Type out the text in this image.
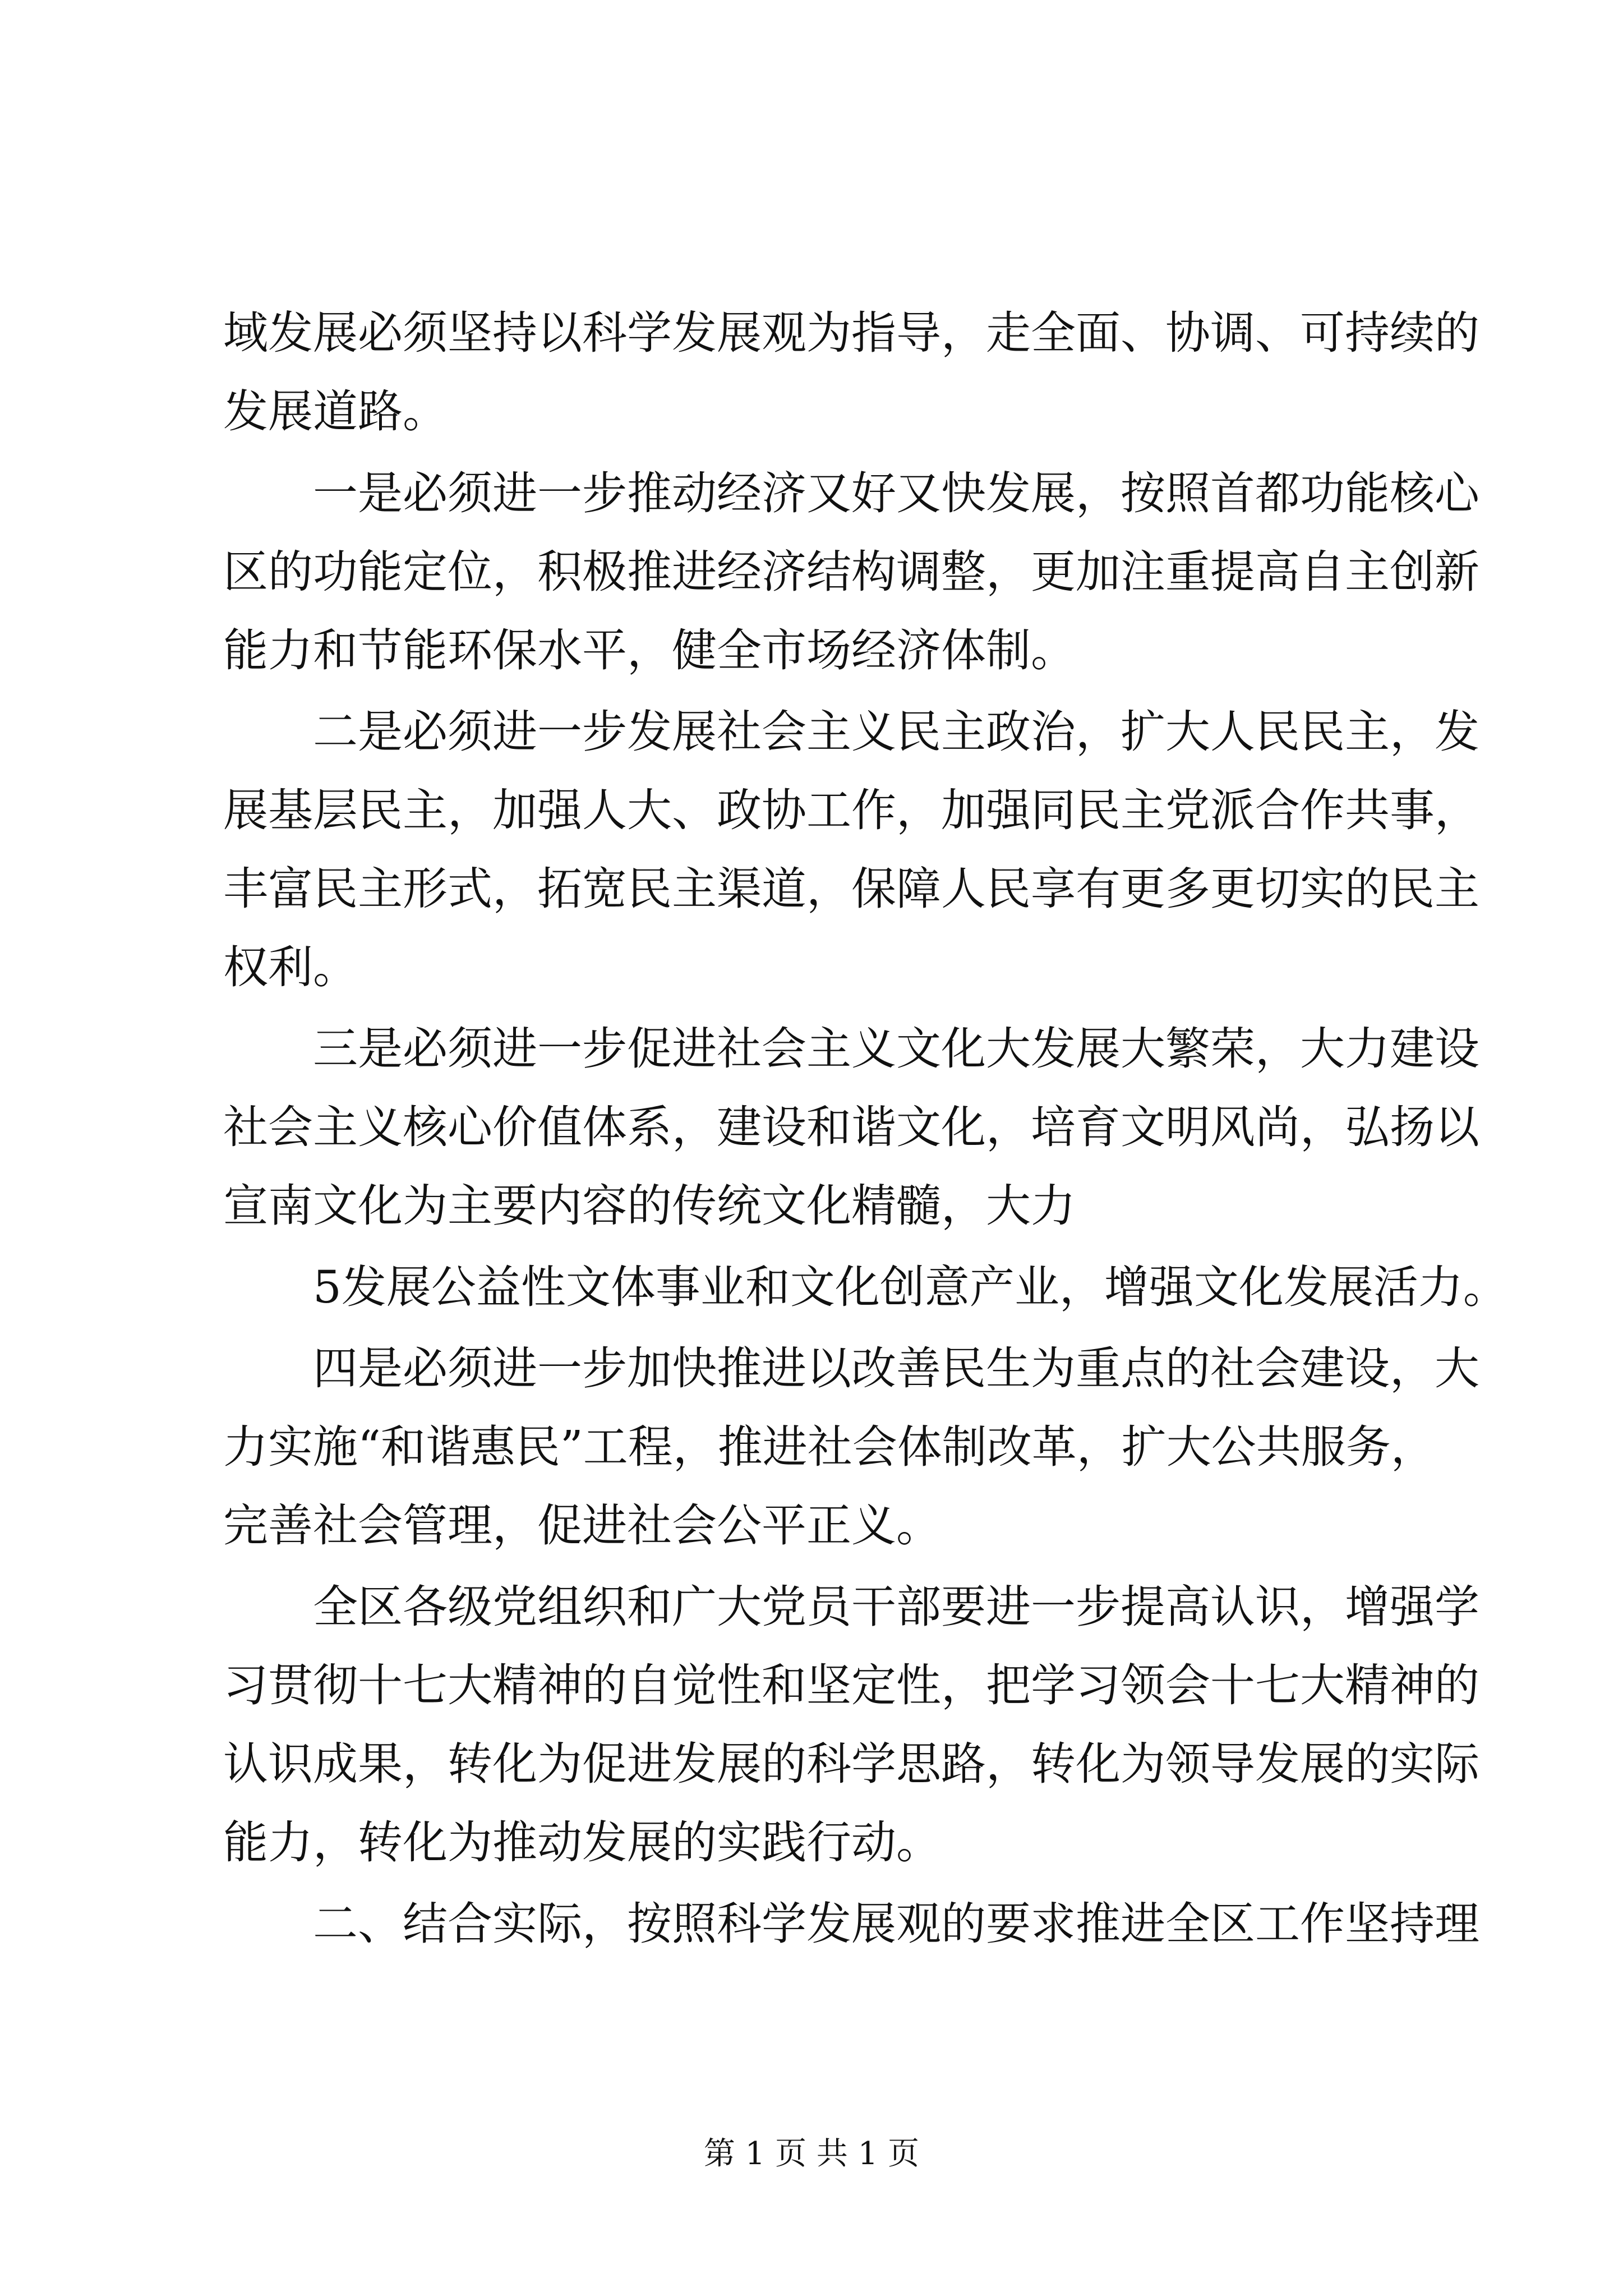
域发展必须坚持以科学发展观为指导，走全面、协调、可持续的
发展道路。
一是必须进一步推动经济又好又快发展，按照首都功能核心
区的功能定位，积极推进经济结构调整，更加注重提高自主创新
能力和节能环保水平，健全市场经济体制。
二是必须进一步发展社会主义民主政治，扩大人民民主，发
展基层民主，加强人大、政协工作，加强同民主党派合作共事，
丰富民主形式，拓宽民主渠道，保障人民享有更多更切实的民主
权利。
三是必须进一步促进社会主义文化大发展大繁荣，大力建设
社会主义核心价值体系，建设和谐文化，培育文明风尚，弘扬以
宣南文化为主要内容的传统文化精髓，大力
5发展公益性文体事业和文化创意产业，增强文化发展活力。
四是必须进一步加快推进以改善民生为重点的社会建设，大
力实施“和谐惠民”工程，推进社会体制改革，扩大公共服务，
完善社会管理，促进社会公平正义。
全区各级党组织和广大党员干部要进一步提高认识，增强学
习贯彻十七大精神的自觉性和坚定性，把学习领会十七大精神的
认识成果，转化为促进发展的科学思路，转化为领导发展的实际
能力，转化为推动发展的实践行动。
二、结合实际，按照科学发展观的要求推进全区工作坚持理
第 1 页 共 1 页
